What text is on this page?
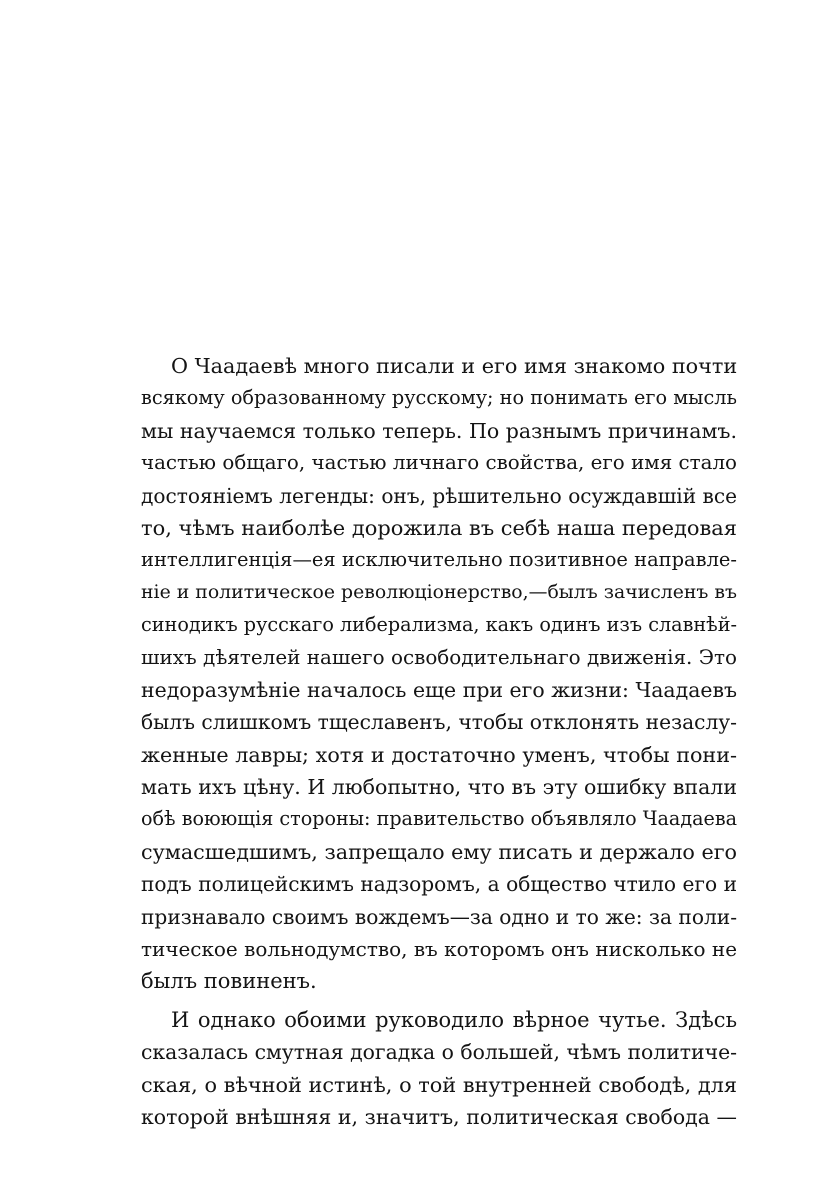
О Чаадаевѣ много писали и его имя знакомо почти
всякому образованному русскому; но понимать его мысль
мы научаемся только теперь. По разнымъ причинамъ.
частью общаго, частью личнаго свойства, его имя стало
достояніемъ легенды: онъ, рѣшительно осуждавшій все
то, чѣмъ наиболѣе дорожила въ себѣ наша передовая
интеллигенція—ея исключительно позитивное направле-
ніе и политическое революціонерство,—былъ зачисленъ въ
синодикъ русскаго либерализма, какъ одинъ изъ славнѣй-
шихъ дѣятелей нашего освободительнаго движенія. Это
недоразумѣніе началось еще при его жизни: Чаадаевъ
былъ слишкомъ тщеславенъ, чтобы отклонять незаслу-
женные лавры; хотя и достаточно уменъ, чтобы пони-
мать ихъ цѣну. И любопытно, что въ эту ошибку впали
обѣ воюющія стороны: правительство объявляло Чаадаева
сумасшедшимъ, запрещало ему писать и держало его
подъ полицейскимъ надзоромъ, а общество чтило его и
признавало своимъ вождемъ—за одно и то же: за поли-
тическое вольнодумство, въ которомъ онъ нисколько не
былъ повиненъ.
И однако обоими руководило вѣрное чутье. Здѣсь
сказалась смутная догадка о большей, чѣмъ политиче-
ская, о вѣчной истинѣ, о той внутренней свободѣ, для
которой внѣшняя и, значитъ, политическая свобода —
